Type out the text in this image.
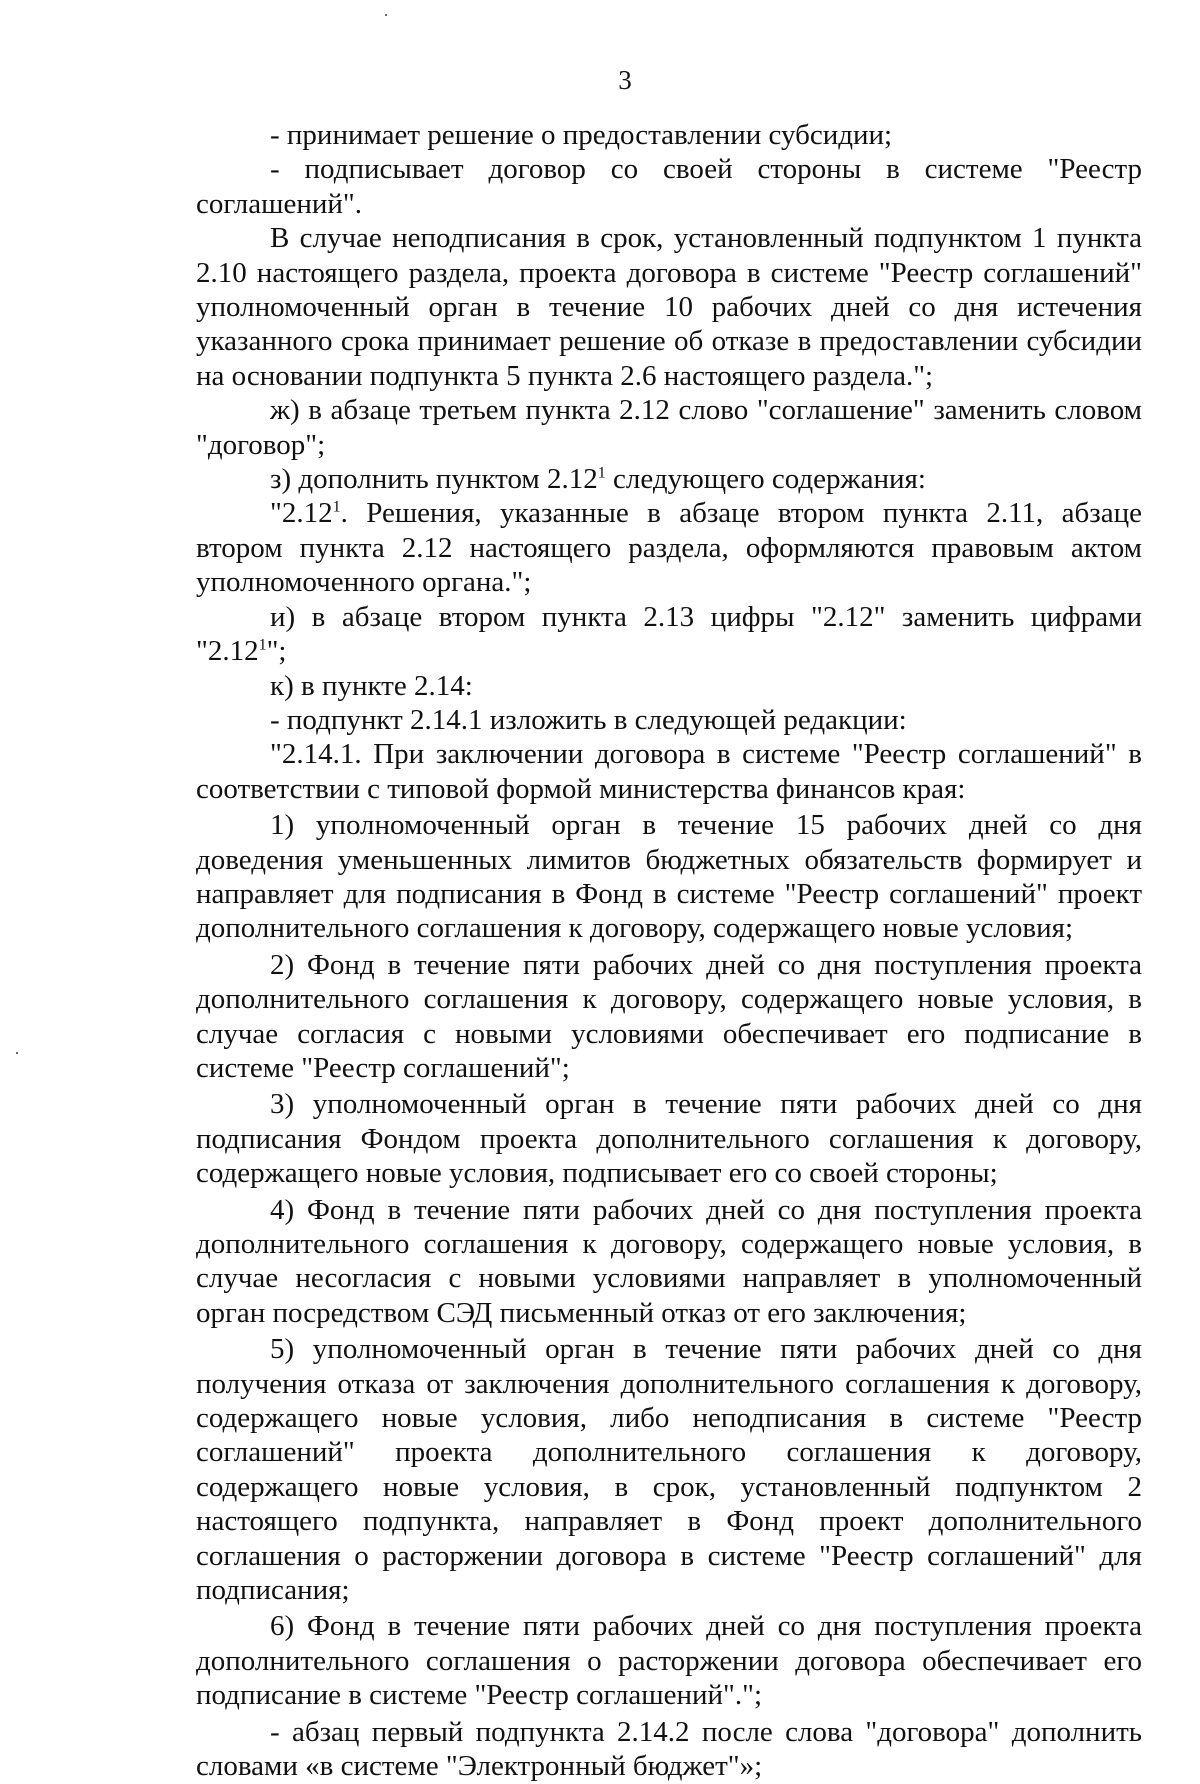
3

- принимает решение о предоставлении субсидии;

- подписывает договор со своей стороны в системе "Реестр соглашений".

В случае неподписания в срок, установленный подпунктом 1 пункта 2.10 настоящего раздела, проекта договора в системе "Реестр соглашений" уполномоченный орган в течение 10 рабочих дней со дня истечения указанного срока принимает решение об отказе в предоставлении субсидии на основании подпункта 5 пункта 2.6 настоящего раздела.";

ж) в абзаце третьем пункта 2.12 слово "соглашение" заменить словом "договор";

з) дополнить пунктом 2.12$^1$ следующего содержания:

"2.12$^1$. Решения, указанные в абзаце втором пункта 2.11, абзаце втором пункта 2.12 настоящего раздела, оформляются правовым актом уполномоченного органа.";

и) в абзаце втором пункта 2.13 цифры "2.12" заменить цифрами "2.12$^1$";

к) в пункте 2.14:

- подпункт 2.14.1 изложить в следующей редакции:

"2.14.1. При заключении договора в системе "Реестр соглашений" в соответствии с типовой формой министерства финансов края:

1) уполномоченный орган в течение 15 рабочих дней со дня доведения уменьшенных лимитов бюджетных обязательств формирует и направляет для подписания в Фонд в системе "Реестр соглашений" проект дополнительного соглашения к договору, содержащего новые условия;

2) Фонд в течение пяти рабочих дней со дня поступления проекта дополнительного соглашения к договору, содержащего новые условия, в случае согласия с новыми условиями обеспечивает его подписание в системе "Реестр соглашений";

3) уполномоченный орган в течение пяти рабочих дней со дня подписания Фондом проекта дополнительного соглашения к договору, содержащего новые условия, подписывает его со своей стороны;

4) Фонд в течение пяти рабочих дней со дня поступления проекта дополнительного соглашения к договору, содержащего новые условия, в случае несогласия с новыми условиями направляет в уполномоченный орган посредством СЭД письменный отказ от его заключения;

5) уполномоченный орган в течение пяти рабочих дней со дня получения отказа от заключения дополнительного соглашения к договору, содержащего новые условия, либо неподписания в системе "Реестр соглашений" проекта дополнительного соглашения к договору, содержащего новые условия, в срок, установленный подпунктом 2 настоящего подпункта, направляет в Фонд проект дополнительного соглашения о расторжении договора в системе "Реестр соглашений" для подписания;

6) Фонд в течение пяти рабочих дней со дня поступления проекта дополнительного соглашения о расторжении договора обеспечивает его подписание в системе "Реестр соглашений".";

- абзац первый подпункта 2.14.2 после слова "договора" дополнить словами «в системе "Электронный бюджет"»;
